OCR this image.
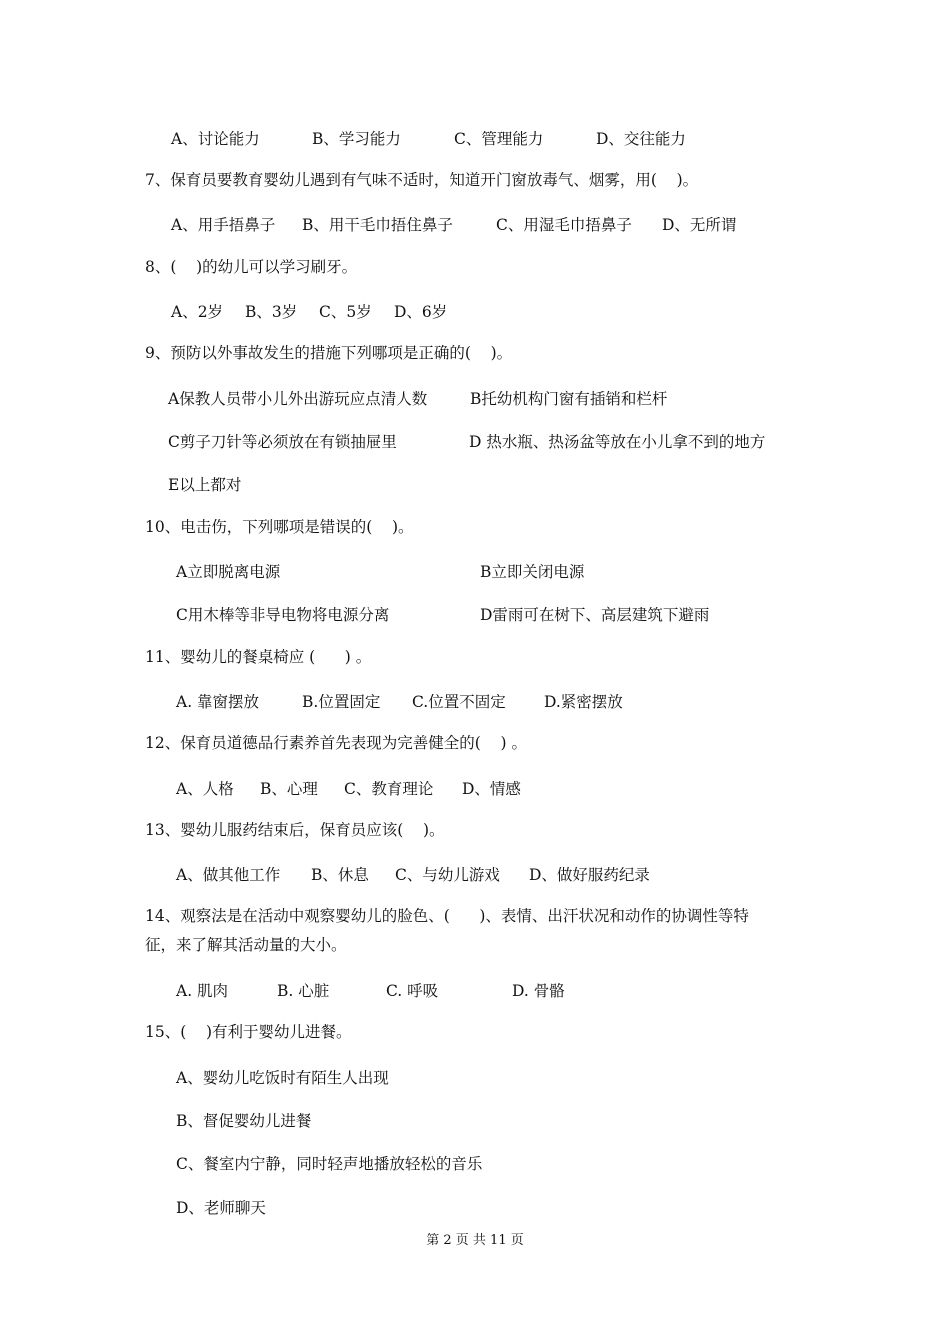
A、讨论能力	B、学习能力	C、管理能力	D、交往能力
7、保育员要教育婴幼儿遇到有气味不适时，知道开门窗放毒气、烟雾，用(    )。
A、用手捂鼻子 B、用干毛巾捂住鼻子	C、用湿毛巾捂鼻子 D、无所谓
8、(    )的幼儿可以学习刷牙。
A、2岁 B、3岁 C、5岁 D、6岁
9、预防以外事故发生的措施下列哪项是正确的(    )。
A保教人员带小儿外出游玩应点清人数	B托幼机构门窗有插销和栏杆
C剪子刀针等必须放在有锁抽屉里	D 热水瓶、热汤盆等放在小儿拿不到的地方
E以上都对
10、电击伤，下列哪项是错误的(    )。
A立即脱离电源	B立即关闭电源
C用木棒等非导电物将电源分离	D雷雨可在树下、高层建筑下避雨
11、婴幼儿的餐桌椅应 (      ) 。
A. 靠窗摆放	B.位置固定 C.位置不固定 D.紧密摆放
12、保育员道德品行素养首先表现为完善健全的(    ) 。
A、人格 B、心理 C、教育理论 D、情感
13、婴幼儿服药结束后，保育员应该(    )。
A、做其他工作 B、休息 C、与幼儿游戏 D、做好服药纪录
14、观察法是在活动中观察婴幼儿的脸色、(      )、表情、出汗状况和动作的协调性等特
征，来了解其活动量的大小。
A. 肌肉	B. 心脏	C. 呼吸	D. 骨骼
15、(    )有利于婴幼儿进餐。
A、婴幼儿吃饭时有陌生人出现
B、督促婴幼儿进餐
C、餐室内宁静，同时轻声地播放轻松的音乐
D、老师聊天
第 2 页 共 11 页
